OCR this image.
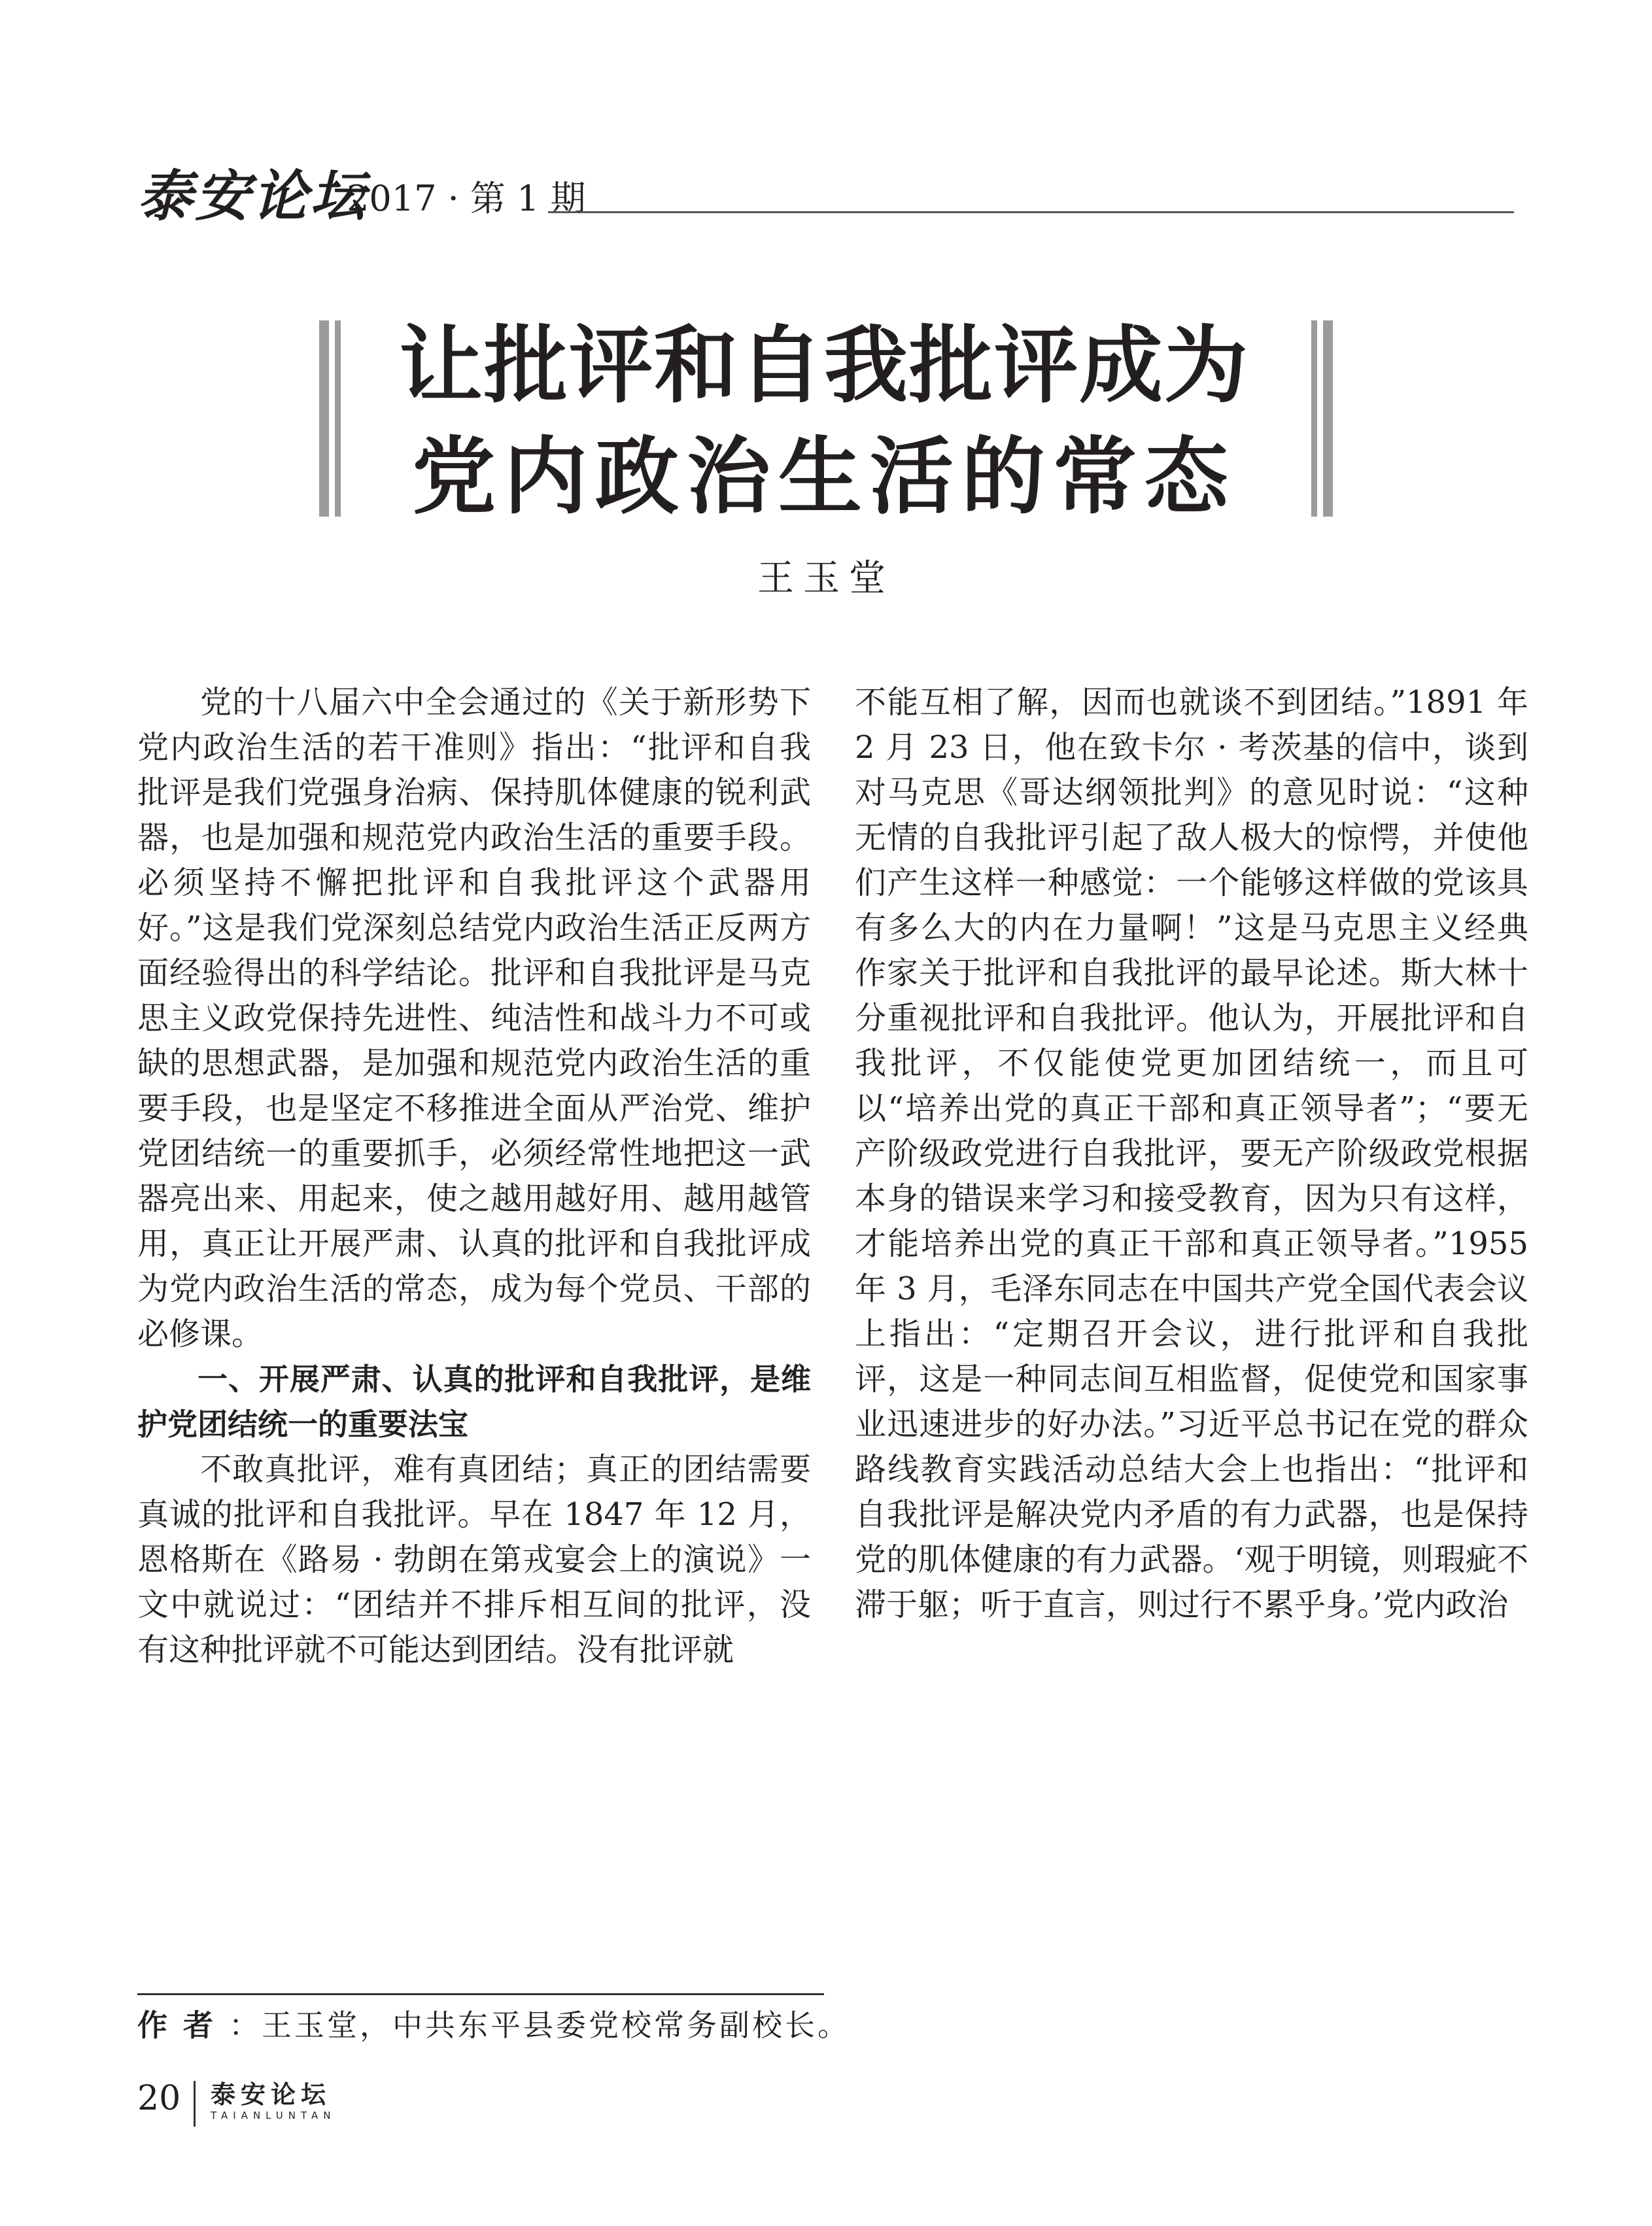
泰安论坛
2017 · 第 1 期
让批评和自我批评成为
党内政治生活的常态
王玉堂

党的十八届六中全会通过的《关于新形势下党内政治生活的若干准则》指出：“批评和自我批评是我们党强身治病、保持肌体健康的锐利武器，也是加强和规范党内政治生活的重要手段。必须坚持不懈把批评和自我批评这个武器用好。”这是我们党深刻总结党内政治生活正反两方面经验得出的科学结论。批评和自我批评是马克思主义政党保持先进性、纯洁性和战斗力不可或缺的思想武器，是加强和规范党内政治生活的重要手段，也是坚定不移推进全面从严治党、维护党团结统一的重要抓手，必须经常性地把这一武器亮出来、用起来，使之越用越好用、越用越管用，真正让开展严肃、认真的批评和自我批评成为党内政治生活的常态，成为每个党员、干部的必修课。

一、开展严肃、认真的批评和自我批评，是维护党团结统一的重要法宝

不敢真批评，难有真团结；真正的团结需要真诚的批评和自我批评。早在 1847 年 12 月，恩格斯在《路易 · 勃朗在第戎宴会上的演说》一文中就说过：“团结并不排斥相互间的批评，没有这种批评就不可能达到团结。没有批评就

不能互相了解，因而也就谈不到团结。”1891 年 2 月 23 日，他在致卡尔 · 考茨基的信中，谈到对马克思《哥达纲领批判》的意见时说：“这种无情的自我批评引起了敌人极大的惊愕，并使他们产生这样一种感觉：一个能够这样做的党该具有多么大的内在力量啊！”这是马克思主义经典作家关于批评和自我批评的最早论述。斯大林十分重视批评和自我批评。他认为，开展批评和自我批评，不仅能使党更加团结统一，而且可以“培养出党的真正干部和真正领导者”；“要无产阶级政党进行自我批评，要无产阶级政党根据本身的错误来学习和接受教育，因为只有这样，才能培养出党的真正干部和真正领导者。”1955 年 3 月，毛泽东同志在中国共产党全国代表会议上指出：“定期召开会议，进行批评和自我批评，这是一种同志间互相监督，促使党和国家事业迅速进步的好办法。”习近平总书记在党的群众路线教育实践活动总结大会上也指出：“批评和自我批评是解决党内矛盾的有力武器，也是保持党的肌体健康的有力武器。‘观于明镜，则瑕疵不滞于躯；听于直言，则过行不累乎身。’党内政治

作者：王玉堂，中共东平县委党校常务副校长。
20 泰安论坛
TAIANLUNTAN
